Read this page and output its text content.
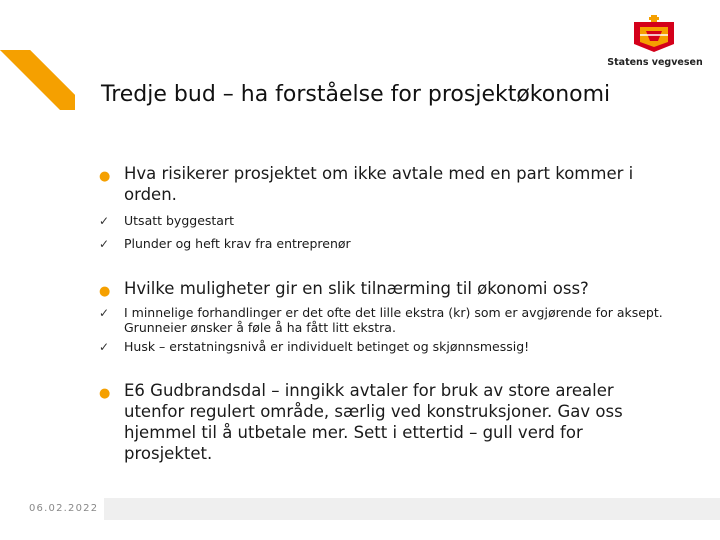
Statens vegvesen
Tredje bud – ha forståelse for prosjektøkonomi
● Hva risikerer prosjektet om ikke avtale med en part kommer i orden.
✓ Utsatt byggestart
✓ Plunder og heft krav fra entreprenør
● Hvilke muligheter gir en slik tilnærming til økonomi oss?
✓ I minnelige forhandlinger er det ofte det lille ekstra (kr) som er avgjørende for aksept. Grunneier ønsker å føle å ha fått litt ekstra.
✓ Husk – erstatningsnivå er individuelt betinget og skjønnsmessig!
● E6 Gudbrandsdal – inngikk avtaler for bruk av store arealer utenfor regulert område, særlig ved konstruksjoner. Gav oss hjemmel til å utbetale mer. Sett i ettertid – gull verd for prosjektet.
06.02.2022
